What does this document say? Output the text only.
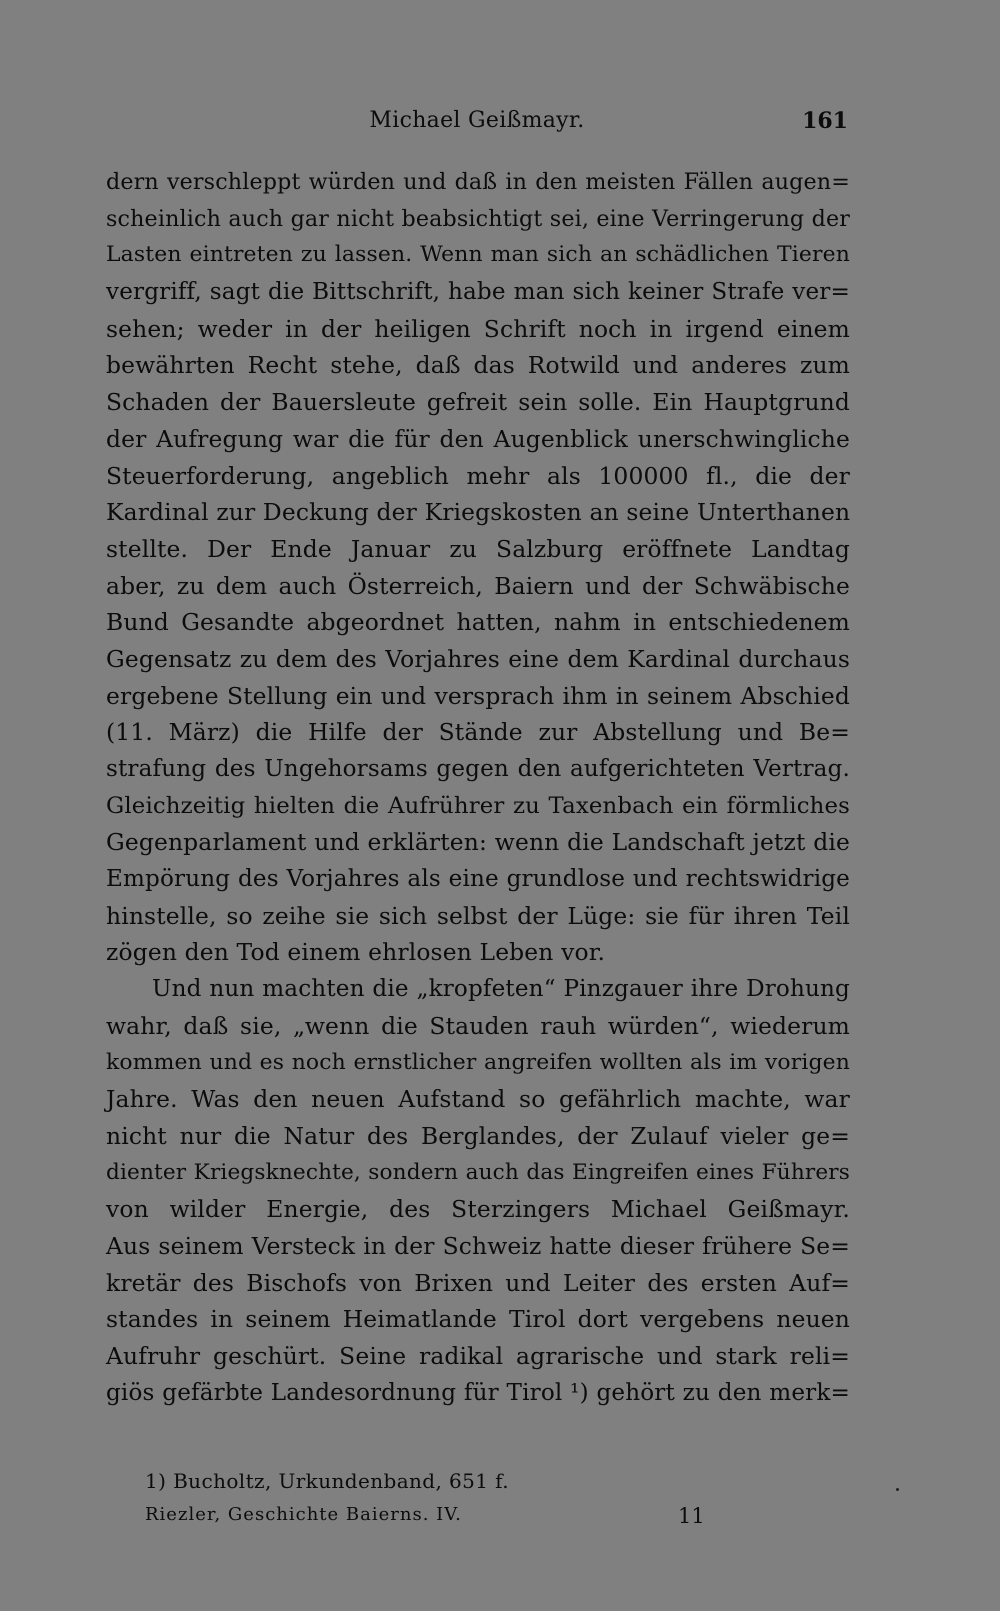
Michael Geißmayr.	161
dern verschleppt würden und daß in den meisten Fällen augen=
scheinlich auch gar nicht beabsichtigt sei, eine Verringerung der
Lasten eintreten zu lassen. Wenn man sich an schädlichen Tieren
vergriff, sagt die Bittschrift, habe man sich keiner Strafe ver=
sehen; weder in der heiligen Schrift noch in irgend einem
bewährten Recht stehe, daß das Rotwild und anderes zum
Schaden der Bauersleute gefreit sein solle. Ein Hauptgrund
der Aufregung war die für den Augenblick unerschwingliche
Steuerforderung, angeblich mehr als 100000 fl., die der
Kardinal zur Deckung der Kriegskosten an seine Unterthanen
stellte. Der Ende Januar zu Salzburg eröffnete Landtag
aber, zu dem auch Österreich, Baiern und der Schwäbische
Bund Gesandte abgeordnet hatten, nahm in entschiedenem
Gegensatz zu dem des Vorjahres eine dem Kardinal durchaus
ergebene Stellung ein und versprach ihm in seinem Abschied
(11. März) die Hilfe der Stände zur Abstellung und Be=
strafung des Ungehorsams gegen den aufgerichteten Vertrag.
Gleichzeitig hielten die Aufrührer zu Taxenbach ein förmliches
Gegenparlament und erklärten: wenn die Landschaft jetzt die
Empörung des Vorjahres als eine grundlose und rechtswidrige
hinstelle, so zeihe sie sich selbst der Lüge: sie für ihren Teil
zögen den Tod einem ehrlosen Leben vor.
Und nun machten die „kropfeten“ Pinzgauer ihre Drohung
wahr, daß sie, „wenn die Stauden rauh würden“, wiederum
kommen und es noch ernstlicher angreifen wollten als im vorigen
Jahre. Was den neuen Aufstand so gefährlich machte, war
nicht nur die Natur des Berglandes, der Zulauf vieler ge=
dienter Kriegsknechte, sondern auch das Eingreifen eines Führers
von wilder Energie, des Sterzingers Michael Geißmayr.
Aus seinem Versteck in der Schweiz hatte dieser frühere Se=
kretär des Bischofs von Brixen und Leiter des ersten Auf=
standes in seinem Heimatlande Tirol dort vergebens neuen
Aufruhr geschürt. Seine radikal agrarische und stark reli=
giös gefärbte Landesordnung für Tirol ¹) gehört zu den merk=
1) Bucholtz, Urkundenband, 651 f.
Riezler, Geschichte Baierns. IV.	11
